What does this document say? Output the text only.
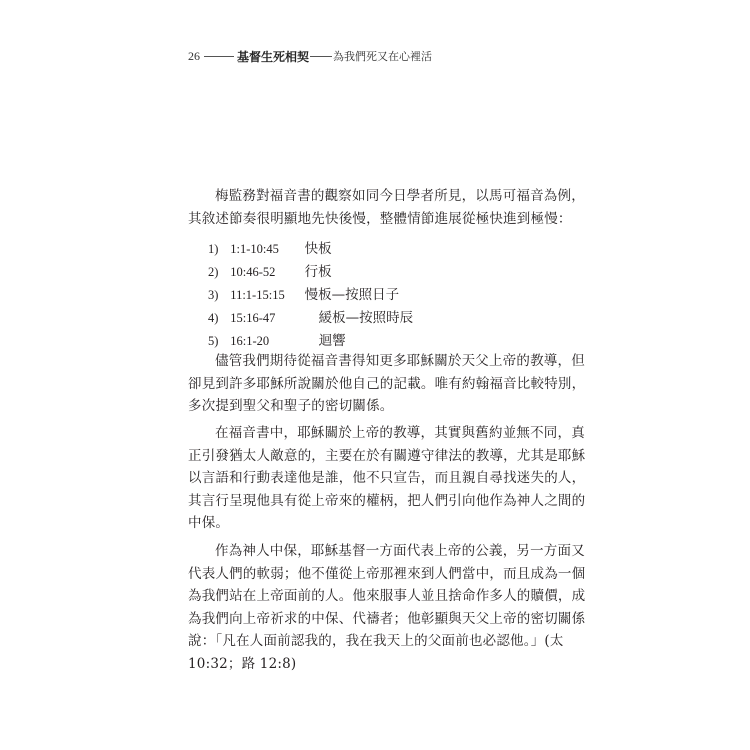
26	基督生死相契 為我們死又在心裡活

梅監務對福音書的觀察如同今日學者所見，以馬可福音為例，
其敘述節奏很明顯地先快後慢，整體情節進展從極快進到極慢：

1) 1:1-10:45 快板
2) 10:46-52 行板
3) 11:1-15:15 慢板—按照日子
4) 15:16-47	緩板—按照時辰
5) 16:1-20	迴響

儘管我們期待從福音書得知更多耶穌關於天父上帝的教導，但
卻見到許多耶穌所說關於他自己的記載。唯有約翰福音比較特別，
多次提到聖父和聖子的密切關係。

在福音書中，耶穌關於上帝的教導，其實與舊約並無不同，真
正引發猶太人敵意的，主要在於有關遵守律法的教導，尤其是耶穌
以言語和行動表達他是誰，他不只宣告，而且親自尋找迷失的人，
其言行呈現他具有從上帝來的權柄，把人們引向他作為神人之間的
中保。

作為神人中保，耶穌基督一方面代表上帝的公義，另一方面又
代表人們的軟弱；他不僅從上帝那裡來到人們當中，而且成為一個
為我們站在上帝面前的人。他來服事人並且捨命作多人的贖價，成
為我們向上帝祈求的中保、代禱者；他彰顯與天父上帝的密切關係
說：「凡在人面前認我的，我在我天上的父面前也必認他。」(太
10:32；路 12:8)
